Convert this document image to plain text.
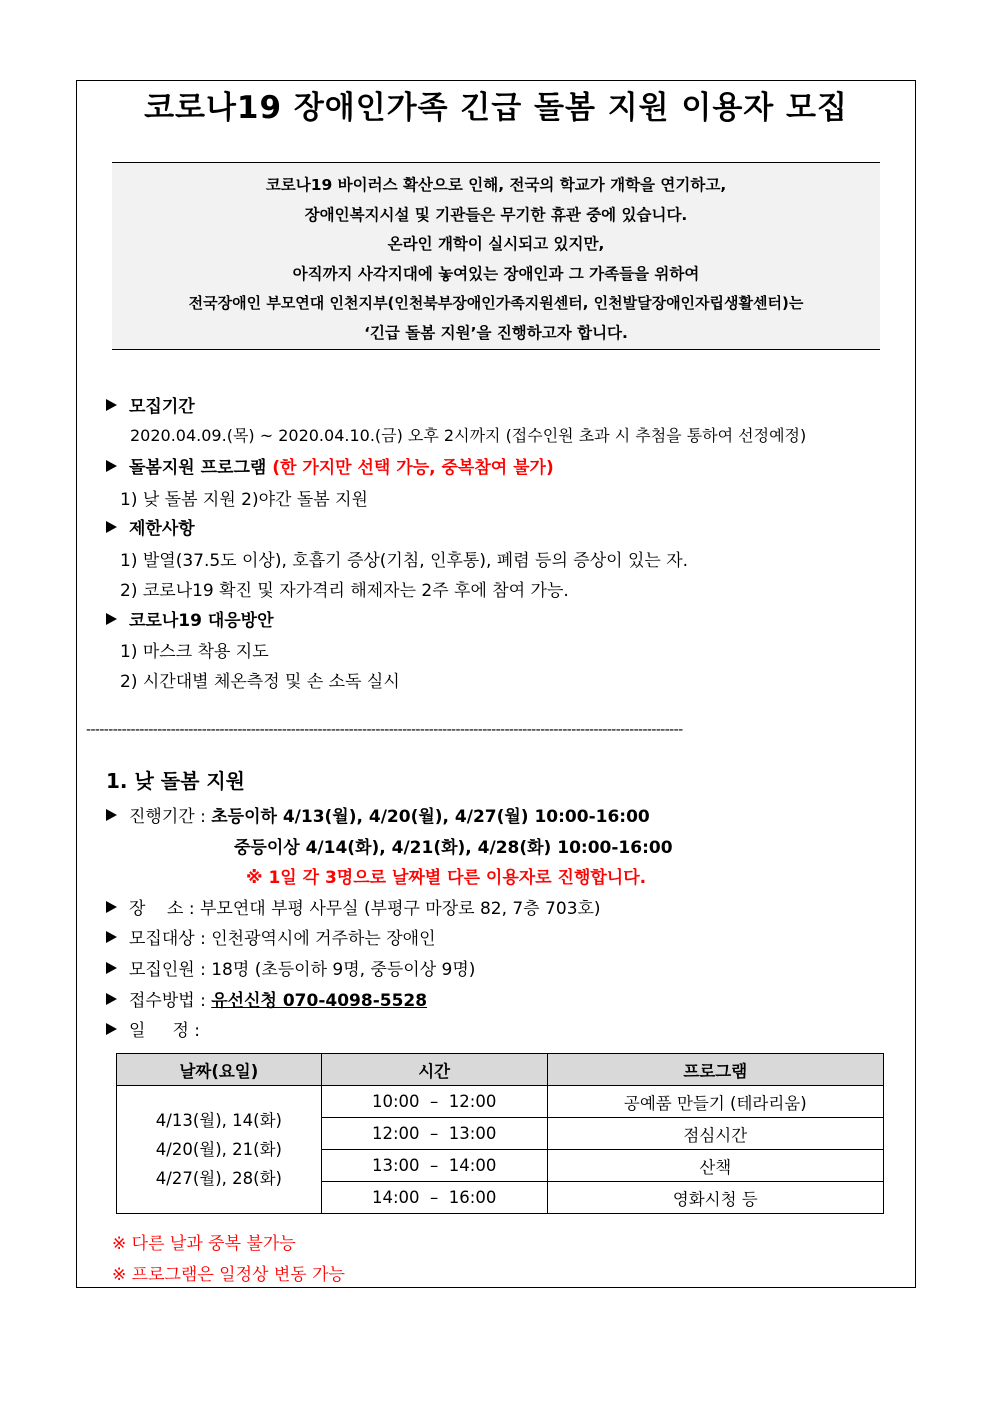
코로나19 장애인가족 긴급 돌봄 지원 이용자 모집
코로나19 바이러스 확산으로 인해, 전국의 학교가 개학을 연기하고,
장애인복지시설 및 기관들은 무기한 휴관 중에 있습니다.
온라인 개학이 실시되고 있지만,
아직까지 사각지대에 놓여있는 장애인과 그 가족들을 위하여
전국장애인 부모연대 인천지부(인천북부장애인가족지원센터, 인천발달장애인자립생활센터)는
‘긴급 돌봄 지원’을 진행하고자 합니다.
모집기간
2020.04.09.(목) ~ 2020.04.10.(금) 오후 2시까지 (접수인원 초과 시 추첨을 통하여 선정예정)
돌봄지원 프로그램 (한 가지만 선택 가능, 중복참여 불가)
1) 낮 돌봄 지원 2)야간 돌봄 지원
제한사항
1) 발열(37.5도 이상), 호흡기 증상(기침, 인후통), 폐렴 등의 증상이 있는 자.
2) 코로나19 확진 및 자가격리 해제자는 2주 후에 참여 가능.
코로나19 대응방안
1) 마스크 착용 지도
2) 시간대별 체온측정 및 손 소독 실시
--------------------------------------------------------------------------------------------------------------------------------------
1. 낮 돌봄 지원
진행기간 : 초등이하 4/13(월), 4/20(월), 4/27(월) 10:00-16:00
중등이상 4/14(화), 4/21(화), 4/28(화) 10:00-16:00
※ 1일 각 3명으로 날짜별 다른 이용자로 진행합니다.
장    소 : 부모연대 부평 사무실 (부평구 마장로 82, 7층 703호)
모집대상 : 인천광역시에 거주하는 장애인
모집인원 : 18명 (초등이하 9명, 중등이상 9명)
접수방법 : 유선신청 070-4098-5528
일     정 :
날짜(요일)	시간	프로그램

4/13(월), 14(화)
4/20(월), 21(화)
4/27(월), 28(화)	10:00  –  12:00	공예품 만들기 (테라리움)
	12:00  –  13:00	점심시간
	13:00  –  14:00	산책
	14:00  –  16:00	영화시청 등
※ 다른 날과 중복 불가능
※ 프로그램은 일정상 변동 가능
